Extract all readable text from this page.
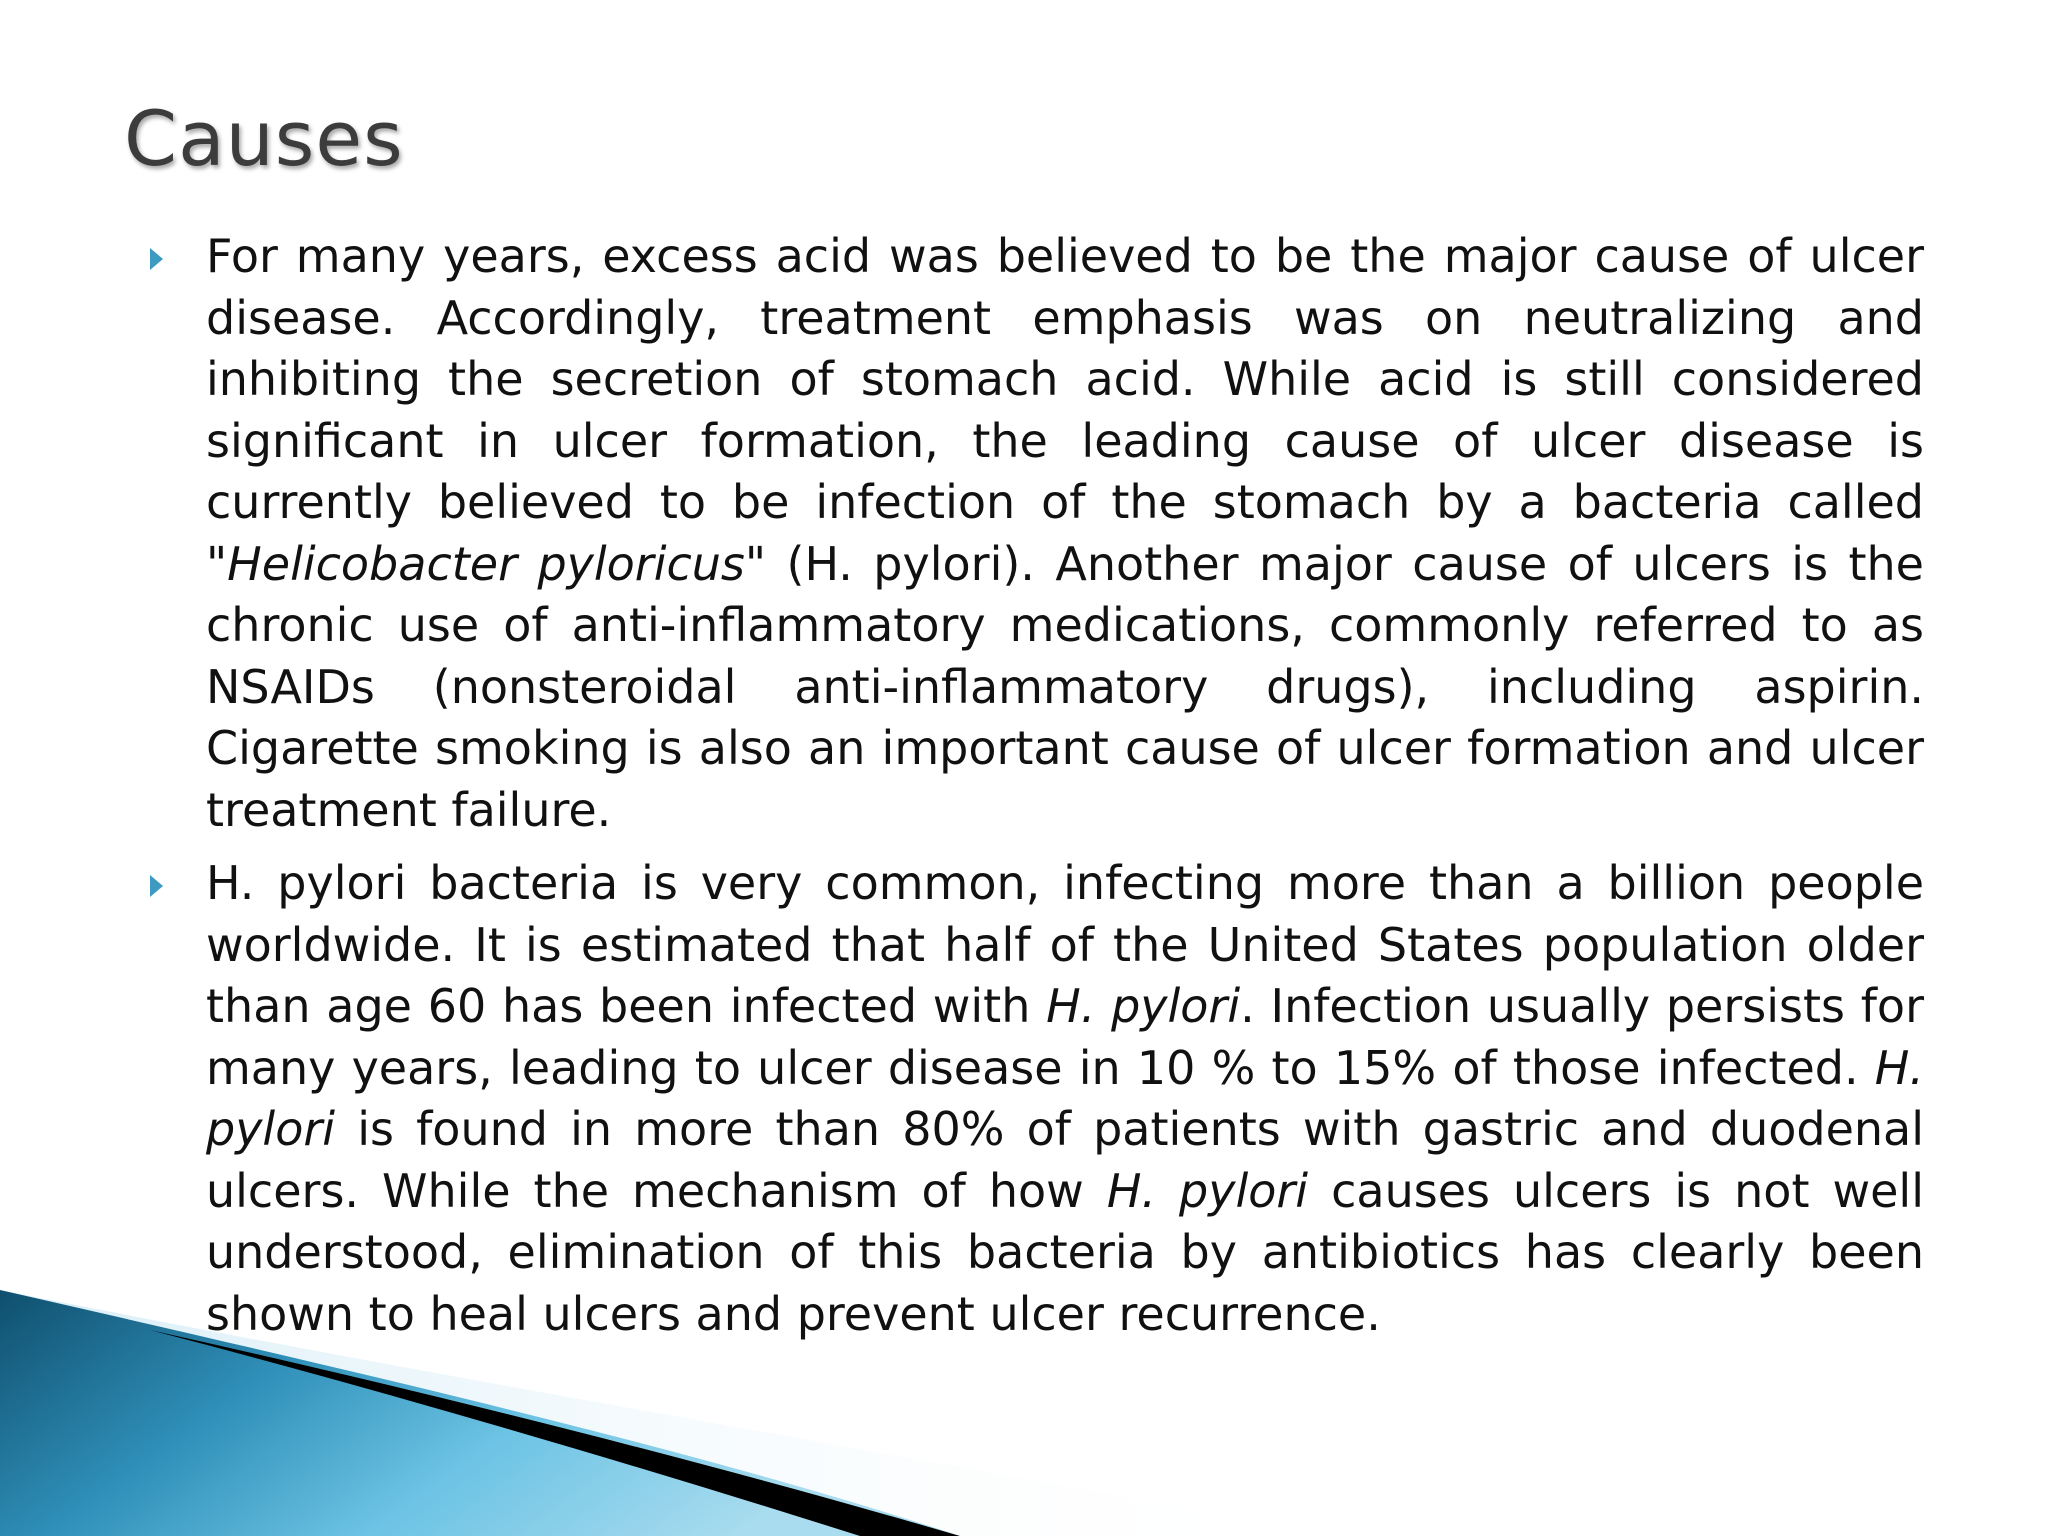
Causes
For many years, excess acid was believed to be the major cause of ulcer disease. Accordingly, treatment emphasis was on neutralizing and inhibiting the secretion of stomach acid. While acid is still considered significant in ulcer formation, the leading cause of ulcer disease is currently believed to be infection of the stomach by a bacteria called "Helicobacter pyloricus" (H. pylori). Another major cause of ulcers is the chronic use of anti-inflammatory medications, commonly referred to as NSAIDs (nonsteroidal anti-inflammatory drugs), including aspirin. Cigarette smoking is also an important cause of ulcer formation and ulcer treatment failure.
H. pylori bacteria is very common, infecting more than a billion people worldwide. It is estimated that half of the United States population older than age 60 has been infected with H. pylori. Infection usually persists for many years, leading to ulcer disease in 10 % to 15% of those infected. H. pylori is found in more than 80% of patients with gastric and duodenal ulcers. While the mechanism of how H. pylori causes ulcers is not well understood, elimination of this bacteria by antibiotics has clearly been shown to heal ulcers and prevent ulcer recurrence.
